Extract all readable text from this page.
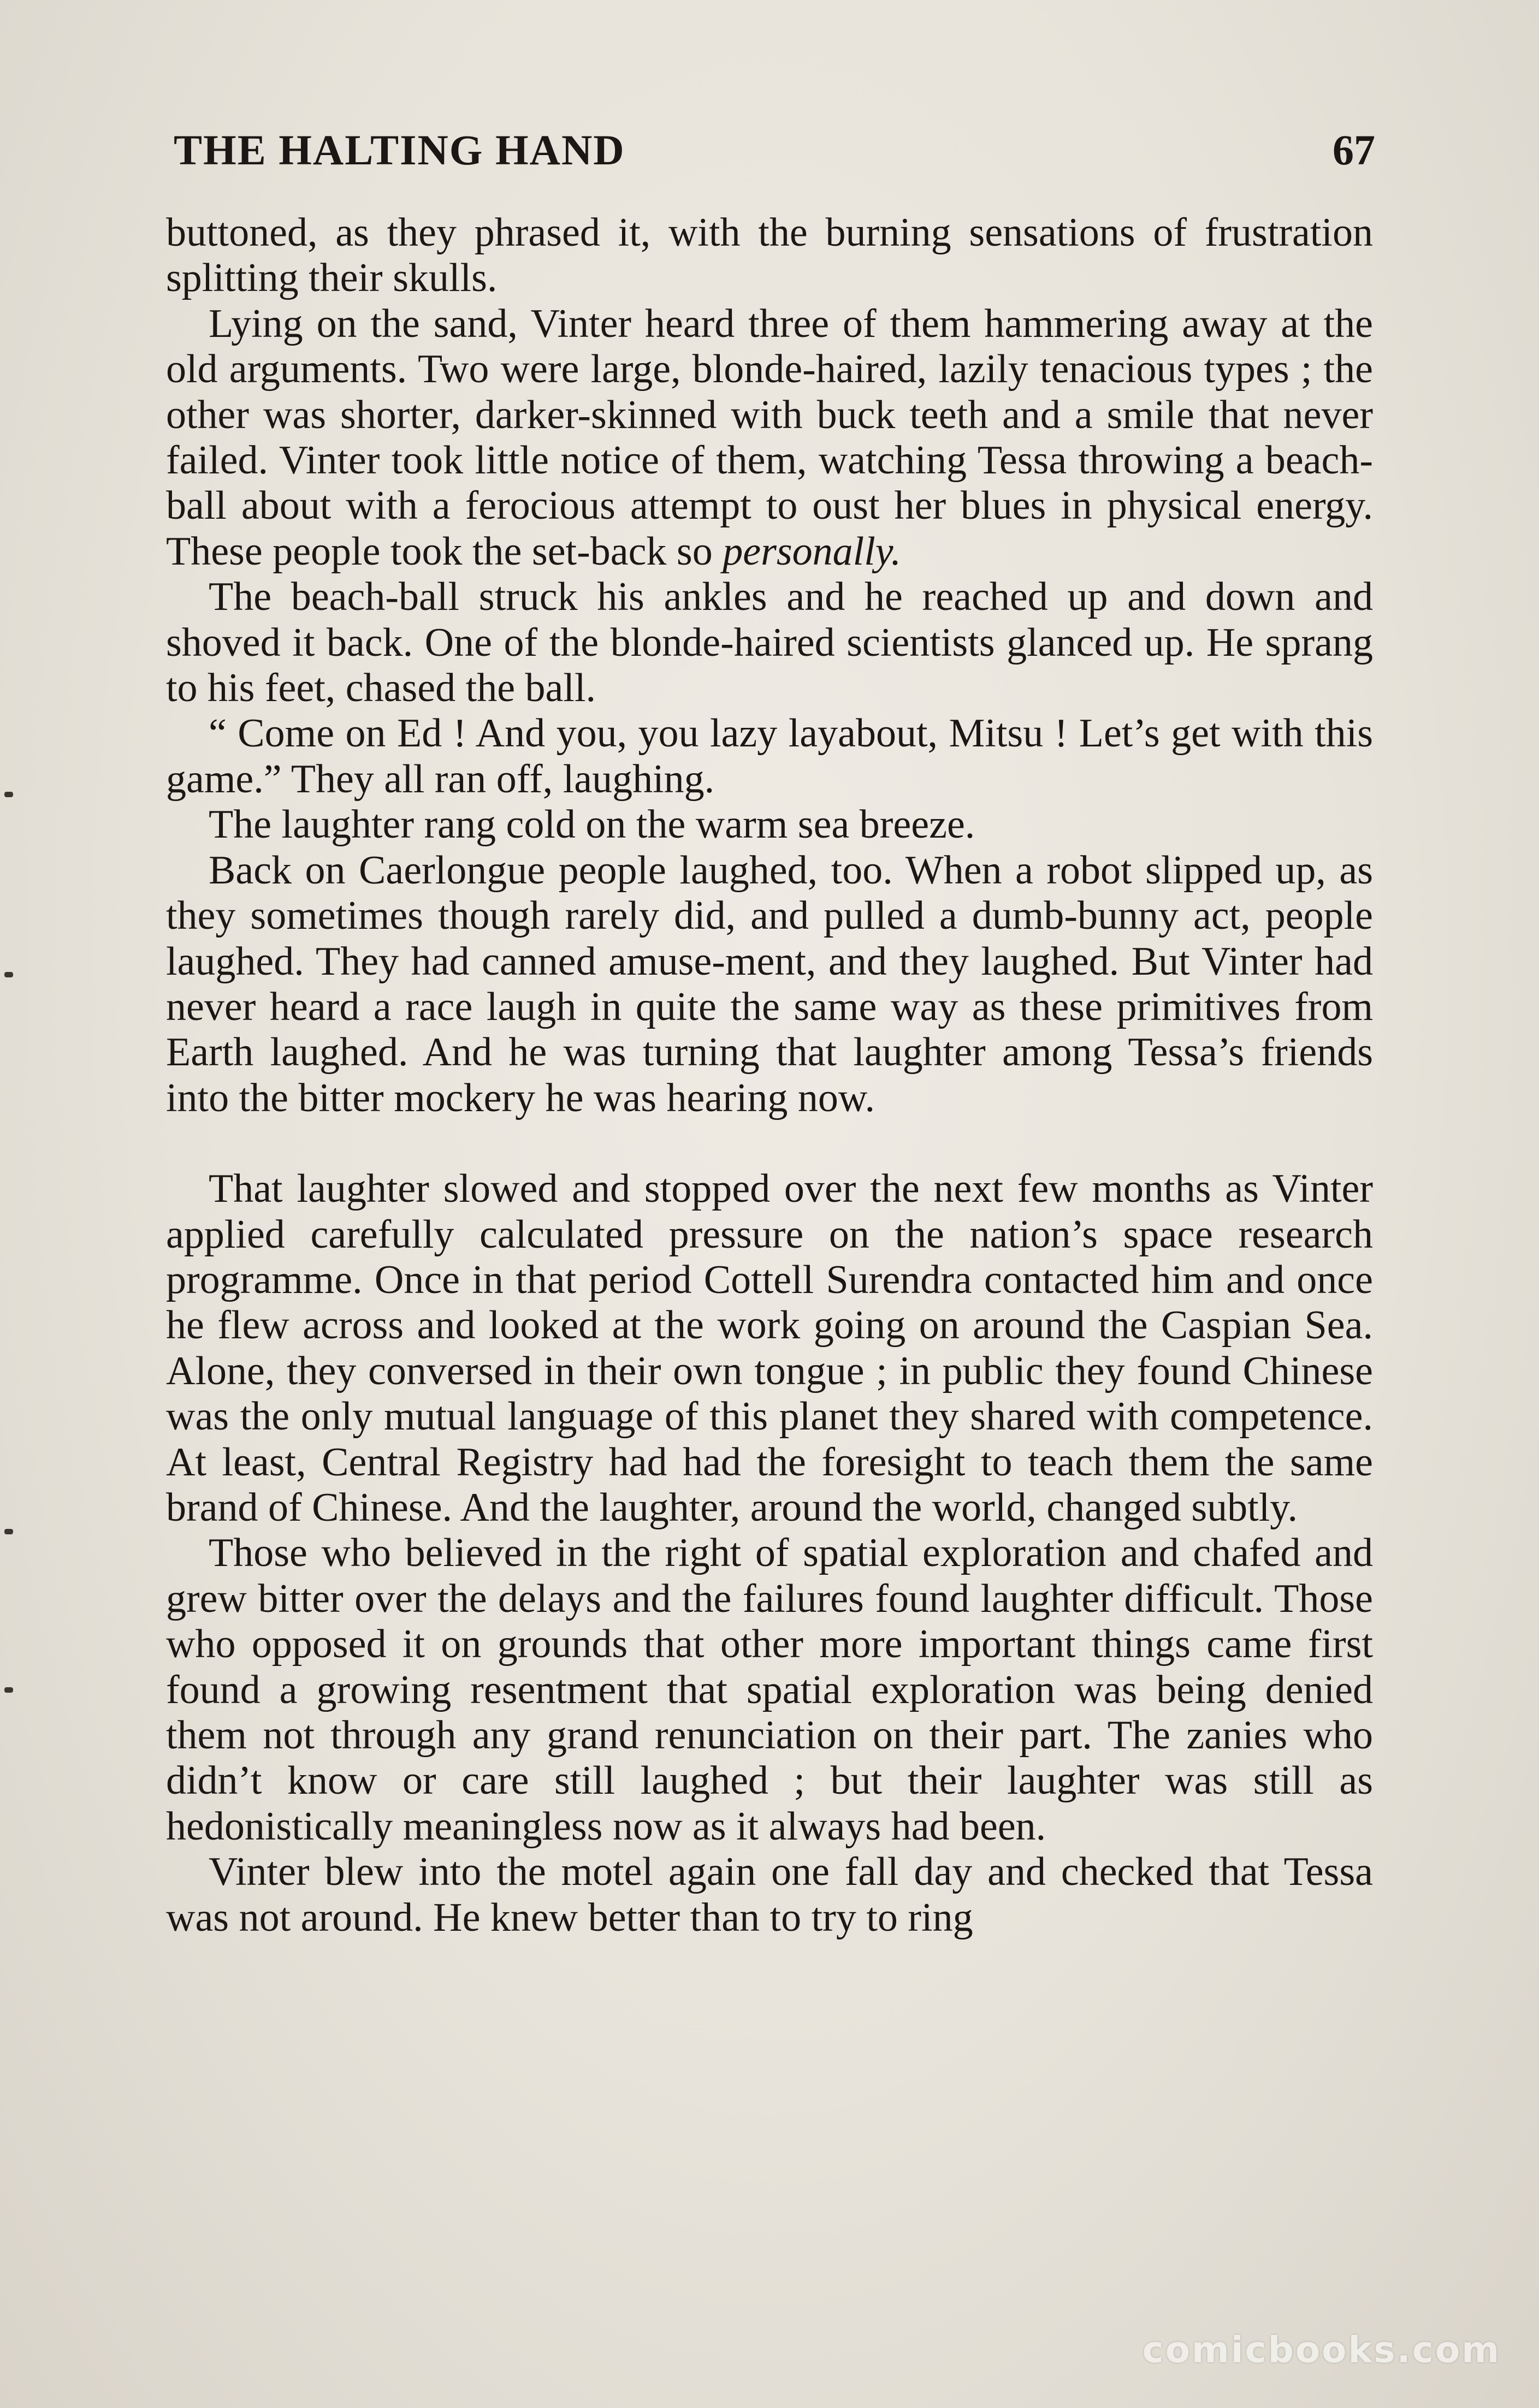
THE HALTING HAND	67

buttoned, as they phrased it, with the burning sensations of frustration splitting their skulls.

Lying on the sand, Vinter heard three of them hammering away at the old arguments. Two were large, blonde-haired, lazily tenacious types ; the other was shorter, darker-skinned with buck teeth and a smile that never failed. Vinter took little notice of them, watching Tessa throwing a beach-ball about with a ferocious attempt to oust her blues in physical energy. These people took the set-back so personally.

The beach-ball struck his ankles and he reached up and down and shoved it back. One of the blonde-haired scientists glanced up. He sprang to his feet, chased the ball.

“ Come on Ed ! And you, you lazy layabout, Mitsu ! Let’s get with this game.” They all ran off, laughing.

The laughter rang cold on the warm sea breeze.

Back on Caerlongue people laughed, too. When a robot slipped up, as they sometimes though rarely did, and pulled a dumb-bunny act, people laughed. They had canned amuse-ment, and they laughed. But Vinter had never heard a race laugh in quite the same way as these primitives from Earth laughed. And he was turning that laughter among Tessa’s friends into the bitter mockery he was hearing now.

That laughter slowed and stopped over the next few months as Vinter applied carefully calculated pressure on the nation’s space research programme. Once in that period Cottell Surendra contacted him and once he flew across and looked at the work going on around the Caspian Sea. Alone, they conversed in their own tongue ; in public they found Chinese was the only mutual language of this planet they shared with competence. At least, Central Registry had had the foresight to teach them the same brand of Chinese. And the laughter, around the world, changed subtly.

Those who believed in the right of spatial exploration and chafed and grew bitter over the delays and the failures found laughter difficult. Those who opposed it on grounds that other more important things came first found a growing resentment that spatial exploration was being denied them not through any grand renunciation on their part. The zanies who didn’t know or care still laughed ; but their laughter was still as hedonistically meaningless now as it always had been.

Vinter blew into the motel again one fall day and checked that Tessa was not around. He knew better than to try to ring

comicbooks.com
